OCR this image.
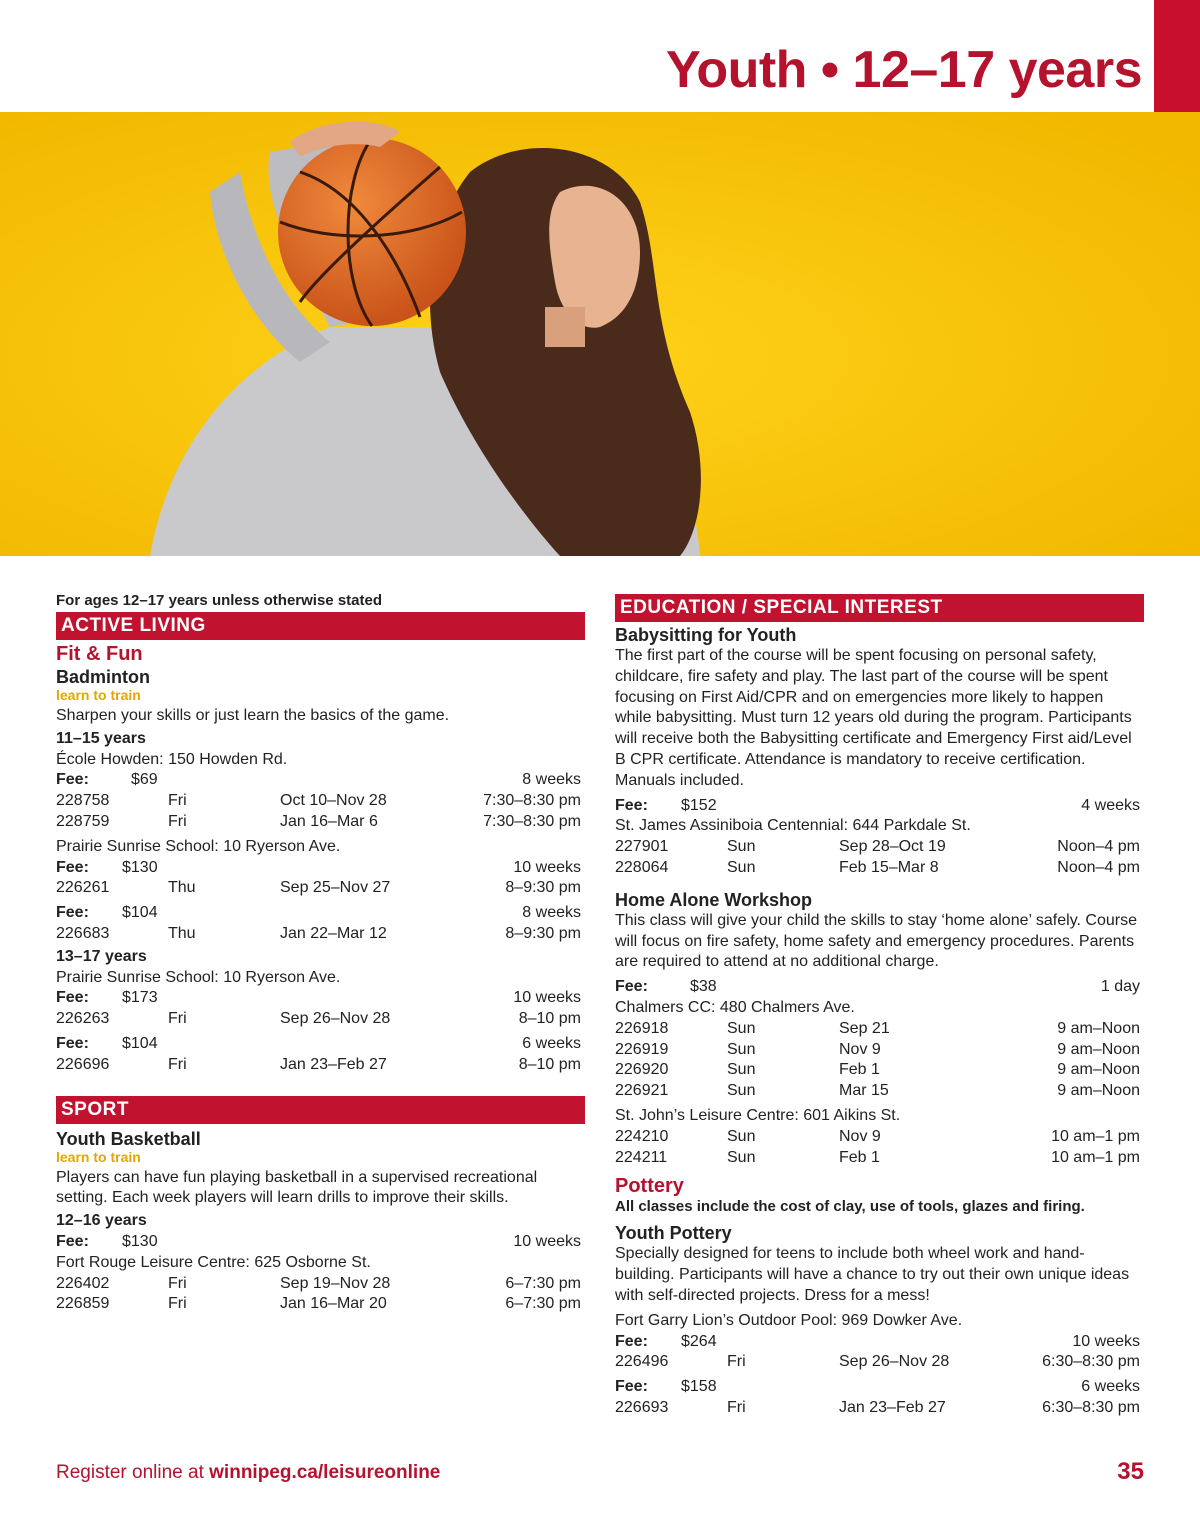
Youth • 12–17 years
For ages 12–17 years unless otherwise stated
ACTIVE LIVING
Fit & Fun
Badminton
learn to train
Sharpen your skills or just learn the basics of the game.
11–15 years
École Howden: 150 Howden Rd.
Fee:	$69	8 weeks
228758	Fri	Oct 10–Nov 28	7:30–8:30 pm
228759	Fri	Jan 16–Mar 6	7:30–8:30 pm
Prairie Sunrise School: 10 Ryerson Ave.
Fee:	$130	10 weeks
226261	Thu	Sep 25–Nov 27	8–9:30 pm
Fee:	$104	8 weeks
226683	Thu	Jan 22–Mar 12	8–9:30 pm
13–17 years
Prairie Sunrise School: 10 Ryerson Ave.
Fee:	$173	10 weeks
226263	Fri	Sep 26–Nov 28	8–10 pm
Fee:	$104	6 weeks
226696	Fri	Jan 23–Feb 27	8–10 pm
SPORT
Youth Basketball
learn to train
Players can have fun playing basketball in a supervised recreational setting. Each week players will learn drills to improve their skills.
12–16 years
Fee:	$130	10 weeks
Fort Rouge Leisure Centre: 625 Osborne St.
226402	Fri	Sep 19–Nov 28	6–7:30 pm
226859	Fri	Jan 16–Mar 20	6–7:30 pm
EDUCATION / SPECIAL INTEREST
Babysitting for Youth
The first part of the course will be spent focusing on personal safety, childcare, fire safety and play. The last part of the course will be spent focusing on First Aid/CPR and on emergencies more likely to happen while babysitting. Must turn 12 years old during the program. Participants will receive both the Babysitting certificate and Emergency First aid/Level B CPR certificate. Attendance is mandatory to receive certification. Manuals included.
Fee:	$152	4 weeks
St. James Assiniboia Centennial: 644 Parkdale St.
227901	Sun	Sep 28–Oct 19	Noon–4 pm
228064	Sun	Feb 15–Mar 8	Noon–4 pm
Home Alone Workshop
This class will give your child the skills to stay ‘home alone’ safely. Course will focus on fire safety, home safety and emergency procedures. Parents are required to attend at no additional charge.
Fee:	$38	1 day
Chalmers CC: 480 Chalmers Ave.
226918	Sun	Sep 21	9 am–Noon
226919	Sun	Nov 9	9 am–Noon
226920	Sun	Feb 1	9 am–Noon
226921	Sun	Mar 15	9 am–Noon
St. John’s Leisure Centre: 601 Aikins St.
224210	Sun	Nov 9	10 am–1 pm
224211	Sun	Feb 1	10 am–1 pm
Pottery
All classes include the cost of clay, use of tools, glazes and firing.
Youth Pottery
Specially designed for teens to include both wheel work and hand-building. Participants will have a chance to try out their own unique ideas with self-directed projects. Dress for a mess!
Fort Garry Lion’s Outdoor Pool: 969 Dowker Ave.
Fee:	$264	10 weeks
226496	Fri	Sep 26–Nov 28	6:30–8:30 pm
Fee:	$158	6 weeks
226693	Fri	Jan 23–Feb 27	6:30–8:30 pm
Register online at winnipeg.ca/leisureonline	35
